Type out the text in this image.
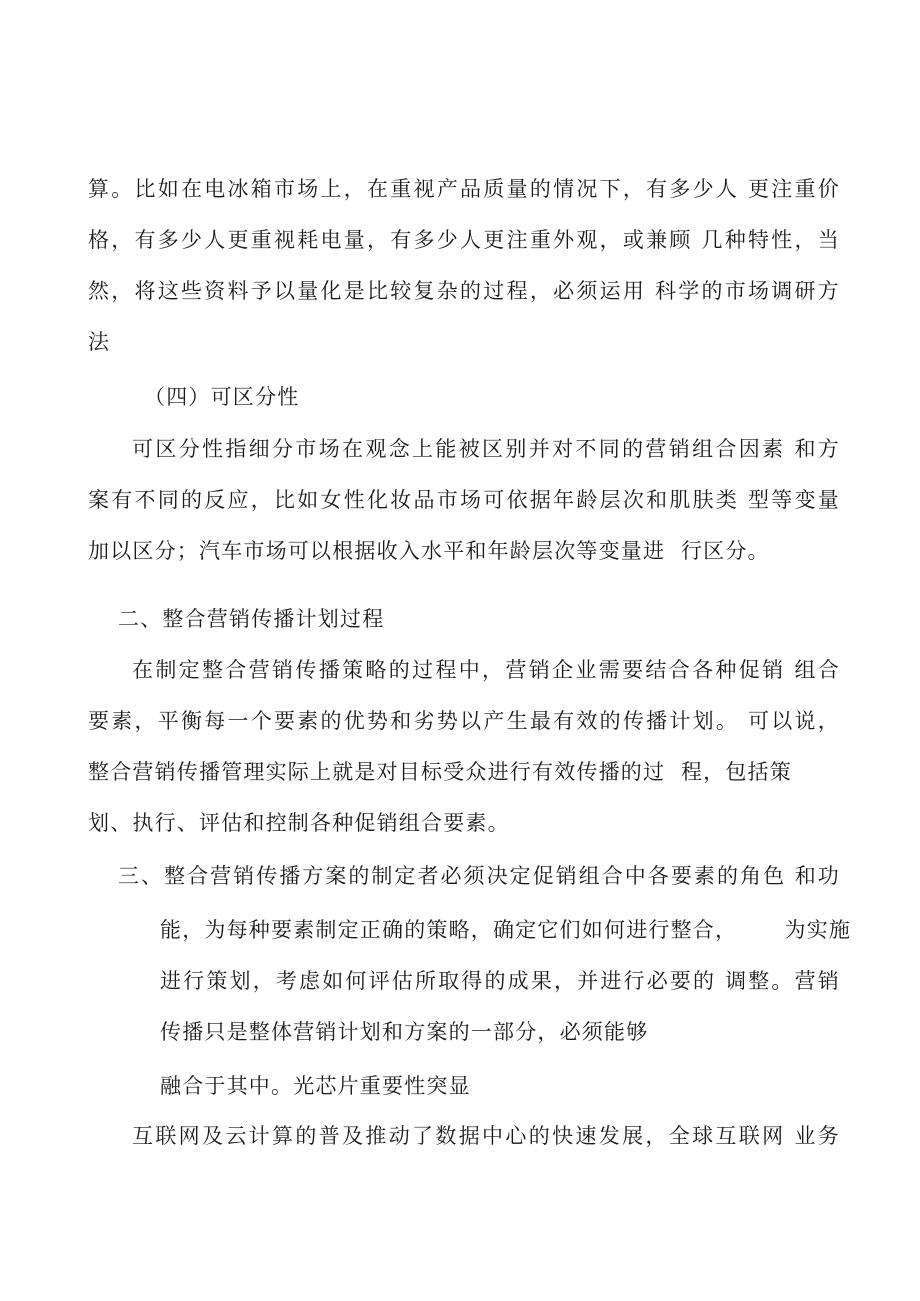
算。比如在电冰箱市场上，在重视产品质量的情况下，有多少人 更注重价
格，有多少人更重视耗电量，有多少人更注重外观，或兼顾 几种特性，当
然，将这些资料予以量化是比较复杂的过程，必须运用 科学的市场调研方
法
（四）可区分性
可区分性指细分市场在观念上能被区别并对不同的营销组合因素 和方
案有不同的反应，比如女性化妆品市场可依据年龄层次和肌肤类 型等变量
加以区分；汽车市场可以根据收入水平和年龄层次等变量进  行区分。
二、整合营销传播计划过程
在制定整合营销传播策略的过程中，营销企业需要结合各种促销 组合
要素，平衡每一个要素的优势和劣势以产生最有效的传播计划。 可以说，
整合营销传播管理实际上就是对目标受众进行有效传播的过  程，包括策
划、执行、评估和控制各种促销组合要素。
三、整合营销传播方案的制定者必须决定促销组合中各要素的角色 和功
能，为每种要素制定正确的策略，确定它们如何进行整合，      为实施
进行策划，考虑如何评估所取得的成果，并进行必要的 调整。营销
传播只是整体营销计划和方案的一部分，必须能够
融合于其中。光芯片重要性突显
互联网及云计算的普及推动了数据中心的快速发展，全球互联网 业务
